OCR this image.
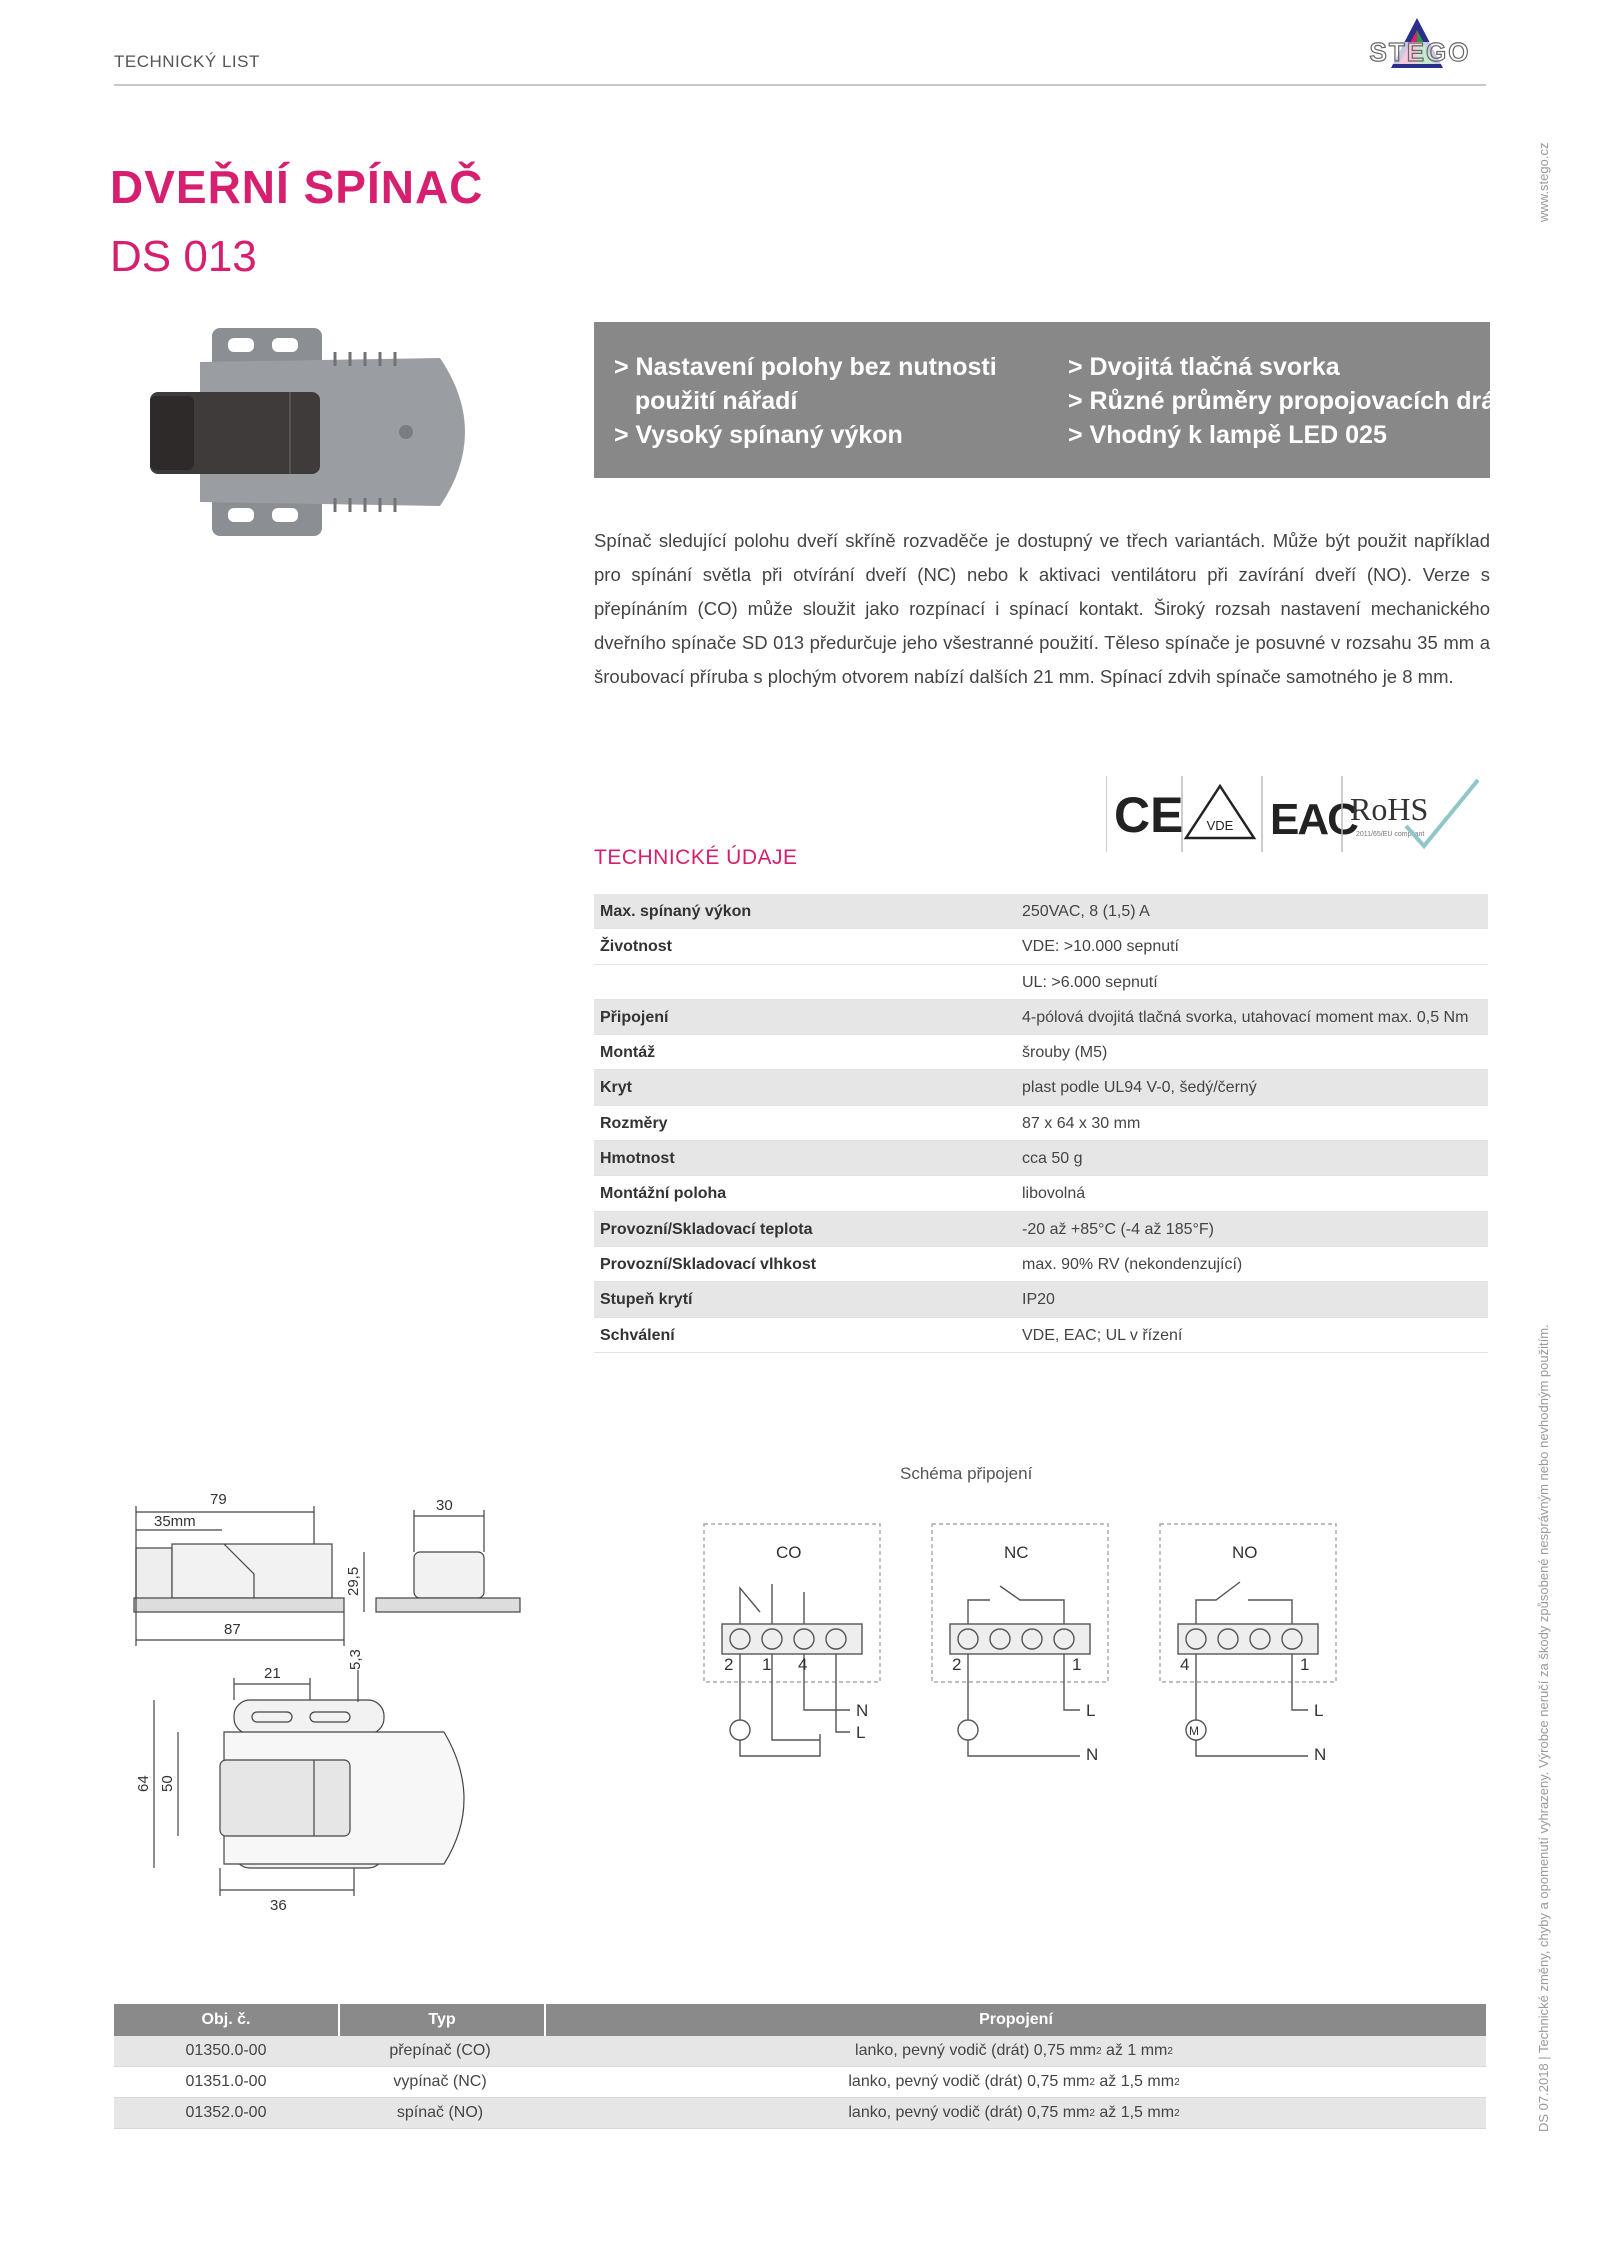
TECHNICKÝ LIST	STEGO
www.stego.cz
DS 07.2018 | Technické změny, chyby a opomenutí vyhrazeny. Výrobce neručí za škody způsobené nesprávným nebo nevhodným použitím.
DVEŘNÍ SPÍNAČ
DS 013
> Nastavení polohy bez nutnosti
použití nářadí
> Vysoký spínaný výkon
> Dvojitá tlačná svorka
> Různé průměry propojovacích drátů
> Vhodný k lampě LED 025
Spínač sledující polohu dveří skříně rozvaděče je dostupný ve třech variantách. Může být použit například pro spínání světla při otvírání dveří (NC) nebo k aktivaci ventilátoru při zavírání dveří (NO). Verze s přepínáním (CO) může sloužit jako rozpínací i spínací kontakt. Široký rozsah nastavení mechanického dveřního spínače SD 013 předurčuje jeho všestranné použití. Těleso spínače je posuvné v rozsahu 35 mm a šroubovací příruba s plochým otvorem nabízí dalších 21 mm. Spínací zdvih spínače samotného je 8 mm.
CE VDE EAC
RoHS
2011/65/EU compliant
TECHNICKÉ ÚDAJE
Max. spínaný výkon	250VAC, 8 (1,5) A
Životnost	VDE: >10.000 sepnutí
UL: >6.000 sepnutí
Připojení	4-pólová dvojitá tlačná svorka, utahovací moment max. 0,5 Nm
Montáž	šrouby (M5)
Kryt	plast podle UL94 V-0, šedý/černý
Rozměry	87 x 64 x 30 mm
Hmotnost	cca 50 g
Montážní poloha	libovolná
Provozní/Skladovací teplota	-20 až +85°C (-4 až 185°F)
Provozní/Skladovací vlhkost	max. 90% RV (nekondenzující)
Stupeň krytí	IP20
Schválení	VDE, EAC; UL v řízení
79
35mm
87
30
29,5
21
5,3
64 50
36
Schéma připojení
CO
2 1 4
N
L
NC
2	1
L
N
NO
4	1
M
L
N
Obj. č.	Typ	Propojení
01350.0-00	přepínač (CO)	lanko, pevný vodič (drát) 0,75 mm 2 až 1 mm 2
01351.0-00	vypínač (NC)	lanko, pevný vodič (drát) 0,75 mm 2 až 1,5 mm 2
01352.0-00	spínač (NO)	lanko, pevný vodič (drát) 0,75 mm 2 až 1,5 mm 2
